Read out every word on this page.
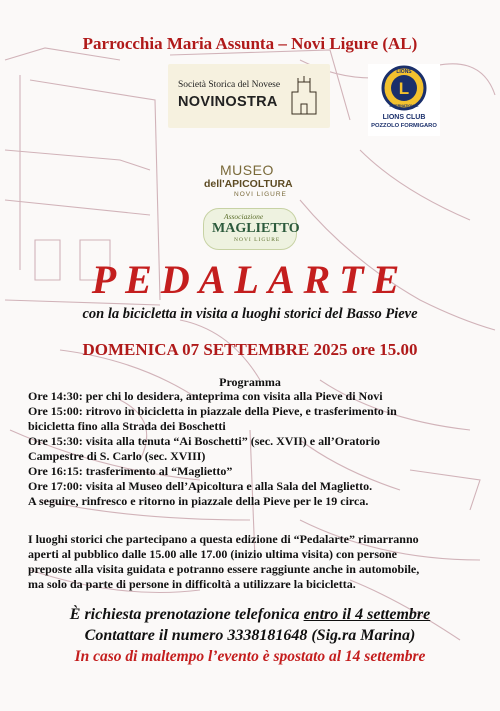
Parrocchia Maria Assunta – Novi Ligure (AL)
Società Storica del Novese
NOVINOSTRA
L
LIONS
INTERNATIONAL
LIONS CLUB
POZZOLO FORMIGARO
MUSEO
dell'APICOLTURA
NOVI LIGURE
Associazione
MAGLIETTO
NOVI LIGURE
PEDALARTE
con la bicicletta in visita a luoghi storici del Basso Pieve
DOMENICA 07 SETTEMBRE 2025 ore 15.00
Programma
Ore 14:30: per chi lo desidera, anteprima con visita alla Pieve di Novi
Ore 15:00: ritrovo in bicicletta in piazzale della Pieve, e trasferimento in
bicicletta fino alla Strada dei Boschetti
Ore 15:30: visita alla tenuta “Ai Boschetti” (sec. XVII) e all’Oratorio
Campestre di S. Carlo (sec. XVIII)
Ore 16:15: trasferimento al “Maglietto”
Ore 17:00: visita al Museo dell’Apicoltura e alla Sala del Maglietto.
A seguire, rinfresco e ritorno in piazzale della Pieve per le 19 circa.
I luoghi storici che partecipano a questa edizione di “Pedalarte” rimarranno
aperti al pubblico dalle 15.00 alle 17.00 (inizio ultima visita) con persone
preposte alla visita guidata e potranno essere raggiunte anche in automobile,
ma solo da parte di persone in difficoltà a utilizzare la bicicletta.
È richiesta prenotazione telefonica entro il 4 settembre
Contattare il numero 3338181648 (Sig.ra Marina)
In caso di maltempo l’evento è spostato al 14 settembre
